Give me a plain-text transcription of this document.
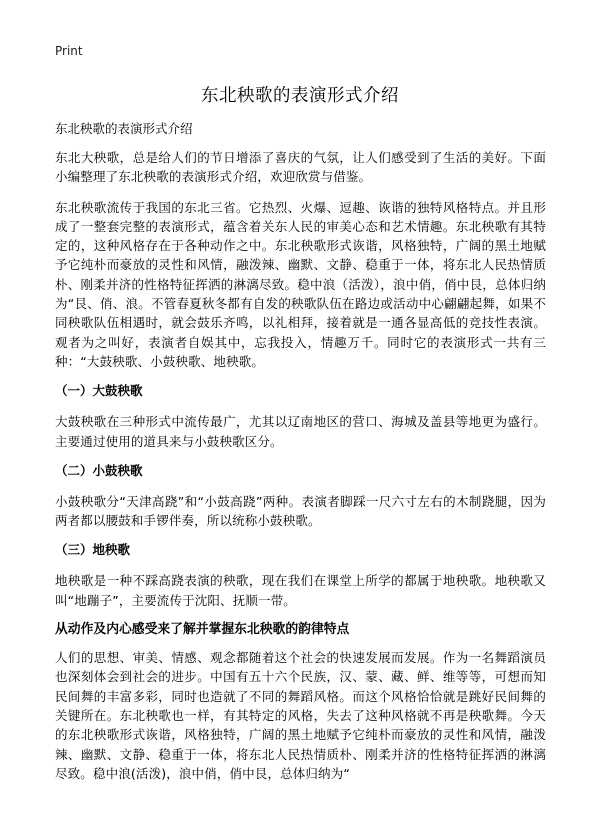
Print
东北秧歌的表演形式介绍
东北秧歌的表演形式介绍

东北大秧歌，总是给人们的节日增添了喜庆的气氛，让人们感受到了生活的美好。下面小编整理了东北秧歌的表演形式介绍，欢迎欣赏与借鉴。

东北秧歌流传于我国的东北三省。它热烈、火爆、逗趣、诙谐的独特风格特点。并且形成了一整套完整的表演形式，蕴含着关东人民的审美心态和艺术情趣。东北秧歌有其特定的，这种风格存在于各种动作之中。东北秧歌形式诙谐，风格独特，广阔的黑土地赋予它纯朴而豪放的灵性和风情，融泼辣、幽默、文静、稳重于一体，将东北人民热情质朴、刚柔并济的性格特征挥洒的淋漓尽致。稳中浪（活泼），浪中俏，俏中艮，总体归纳为“艮、俏、浪。不管春夏秋冬都有自发的秧歌队伍在路边或活动中心翩翩起舞，如果不同秧歌队伍相遇时，就会鼓乐齐鸣，以礼相拜，接着就是一通各显高低的竞技性表演。观者为之叫好，表演者自娱其中，忘我投入，情趣万千。同时它的表演形式一共有三种：“大鼓秧歌、小鼓秧歌、地秧歌。

（一）大鼓秧歌

大鼓秧歌在三种形式中流传最广，尤其以辽南地区的营口、海城及盖县等地更为盛行。主要通过使用的道具来与小鼓秧歌区分。

（二）小鼓秧歌

小鼓秧歌分“天津高跷”和“小鼓高跷”两种。表演者脚踩一尺六寸左右的木制跷腿，因为两者都以腰鼓和手锣伴奏，所以统称小鼓秧歌。

（三）地秧歌

地秧歌是一种不踩高跷表演的秧歌，现在我们在课堂上所学的都属于地秧歌。地秧歌又叫“地蹦子”，主要流传于沈阳、抚顺一带。

从动作及内心感受来了解并掌握东北秧歌的韵律特点

人们的思想、审美、情感、观念都随着这个社会的快速发展而发展。作为一名舞蹈演员也深刻体会到社会的进步。中国有五十六个民族，汉、蒙、藏、鲜、维等等，可想而知民间舞的丰富多彩，同时也造就了不同的舞蹈风格。而这个风格恰恰就是跳好民间舞的关键所在。东北秧歌也一样，有其特定的风格，失去了这种风格就不再是秧歌舞。今天的东北秧歌形式诙谐，风格独特，广阔的黑土地赋予它纯朴而豪放的灵性和风情，融泼辣、幽默、文静、稳重于一体，将东北人民热情质朴、刚柔并济的性格特征挥洒的淋漓尽致。稳中浪(活泼)，浪中俏，俏中艮，总体归纳为“
